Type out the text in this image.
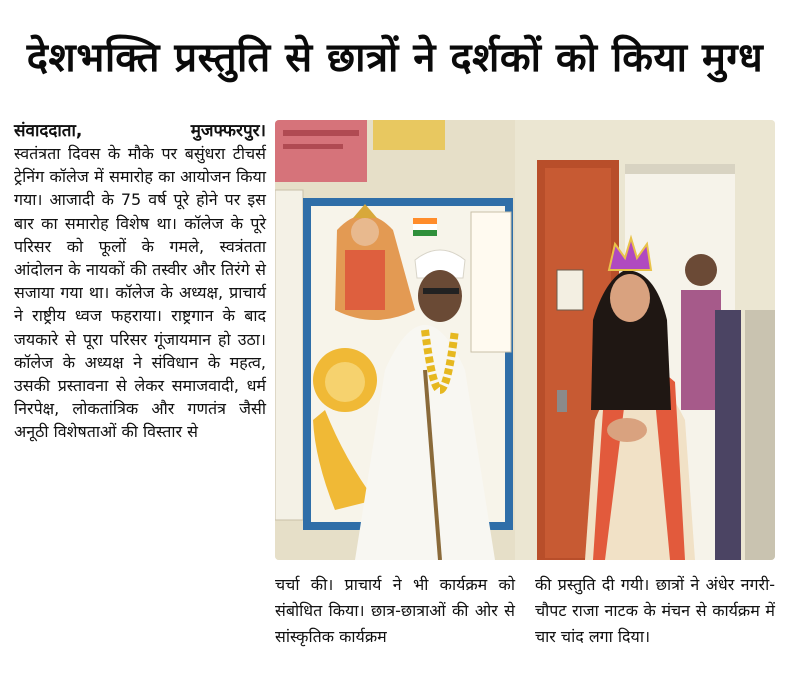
देशभक्ति प्रस्तुति से छात्रों ने दर्शकों को किया मुग्ध
संवाददाता,	मुजफ्फरपुर।
स्वतंत्रता दिवस के मौके पर बसुंधरा टीचर्स ट्रेनिंग कॉलेज में समारोह का आयोजन किया गया। आजादी के 75 वर्ष पूरे होने पर इस बार का समारोह विशेष था। कॉलेज के पूरे परिसर को फूलों के गमले, स्वत्रंतता आंदोलन के नायकों की तस्वीर और तिरंगे से सजाया गया था। कॉलेज के अध्यक्ष, प्राचार्य ने राष्ट्रीय ध्वज फहराया। राष्ट्रगान के बाद जयकारे से पूरा परिसर गूंजायमान हो उठा। कॉलेज के अध्यक्ष ने संविधान के महत्व, उसकी प्रस्तावना से लेकर समाजवादी, धर्म निरपेक्ष, लोकतांत्रिक और गणतंत्र जैसी अनूठी विशेषताओं की विस्तार से
चर्चा की। प्राचार्य ने भी कार्यक्रम को संबोधित किया। छात्र-छात्राओं की ओर से सांस्कृतिक कार्यक्रम
की प्रस्तुति दी गयी। छात्रों ने अंधेर नगरी-चौपट राजा नाटक के मंचन से कार्यक्रम में चार चांद लगा दिया।
